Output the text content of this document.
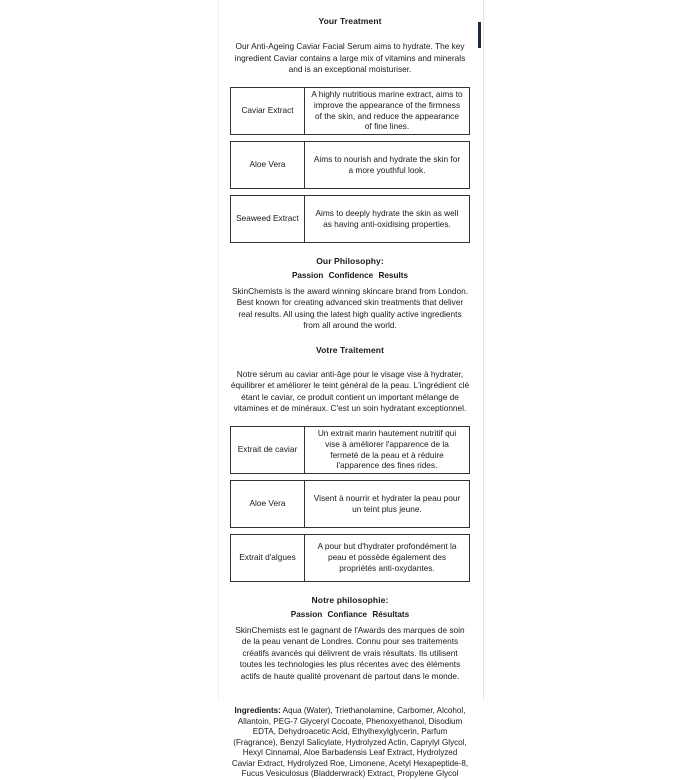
Your Treatment

Our Anti-Ageing Caviar Facial Serum aims to hydrate. The key ingredient Caviar contains a large mix of vitamins and minerals and is an exceptional moisturiser.

Caviar Extract
A highly nutritious marine extract, aims to improve the appearance of the firmness of the skin, and reduce the appearance of fine lines.
Aloe Vera
Aims to nourish and hydrate the skin for a more youthful look.
Seaweed Extract
Aims to deeply hydrate the skin as well as having anti-oxidising properties.
Our Philosophy:
Passion Confidence Results

SkinChemists is the award winning skincare brand from London. Best known for creating advanced skin treatments that deliver real results. All using the latest high quality active ingredients from all around the world.

Votre Traitement

Notre sérum au caviar anti-âge pour le visage vise à hydrater, équilibrer et améliorer le teint général de la peau. L'ingrédient clé étant le caviar, ce produit contient un important mélange de vitamines et de minéraux. C'est un soin hydratant exceptionnel.

Extrait de caviar
Un extrait marin hautement nutritif qui vise à améliorer l'apparence de la fermeté de la peau et à réduire l'apparence des fines rides.
Aloe Vera
Visent à nourrir et hydrater la peau pour un teint plus jeune.
Extrait d'algues
A pour but d'hydrater profondément la peau et possède également des propriétés anti-oxydantes.
Notre philosophie:
Passion Confiance Résultats

SkinChemists est le gagnant de l'Awards des marques de soin de la peau venant de Londres. Connu pour ses traitements créatifs avancés qui délivrent de vrais résultats. Ils utilisent toutes les technologies les plus récentes avec des éléments actifs de haute qualité provenant de partout dans le monde.

Ingredients: Aqua (Water), Triethanolamine, Carbomer, Alcohol, Allantoin, PEG-7 Glyceryl Cocoate, Phenoxyethanol, Disodium EDTA, Dehydroacetic Acid, Ethylhexylglycerin, Parfum (Fragrance), Benzyl Salicylate, Hydrolyzed Actin, Caprylyl Glycol, Hexyl Cinnamal, Aloe Barbadensis Leaf Extract, Hydrolyzed Caviar Extract, Hydrolyzed Roe, Limonene, Acetyl Hexapeptide-8, Fucus Vesiculosus (Bladderwrack) Extract, Propylene Glycol
